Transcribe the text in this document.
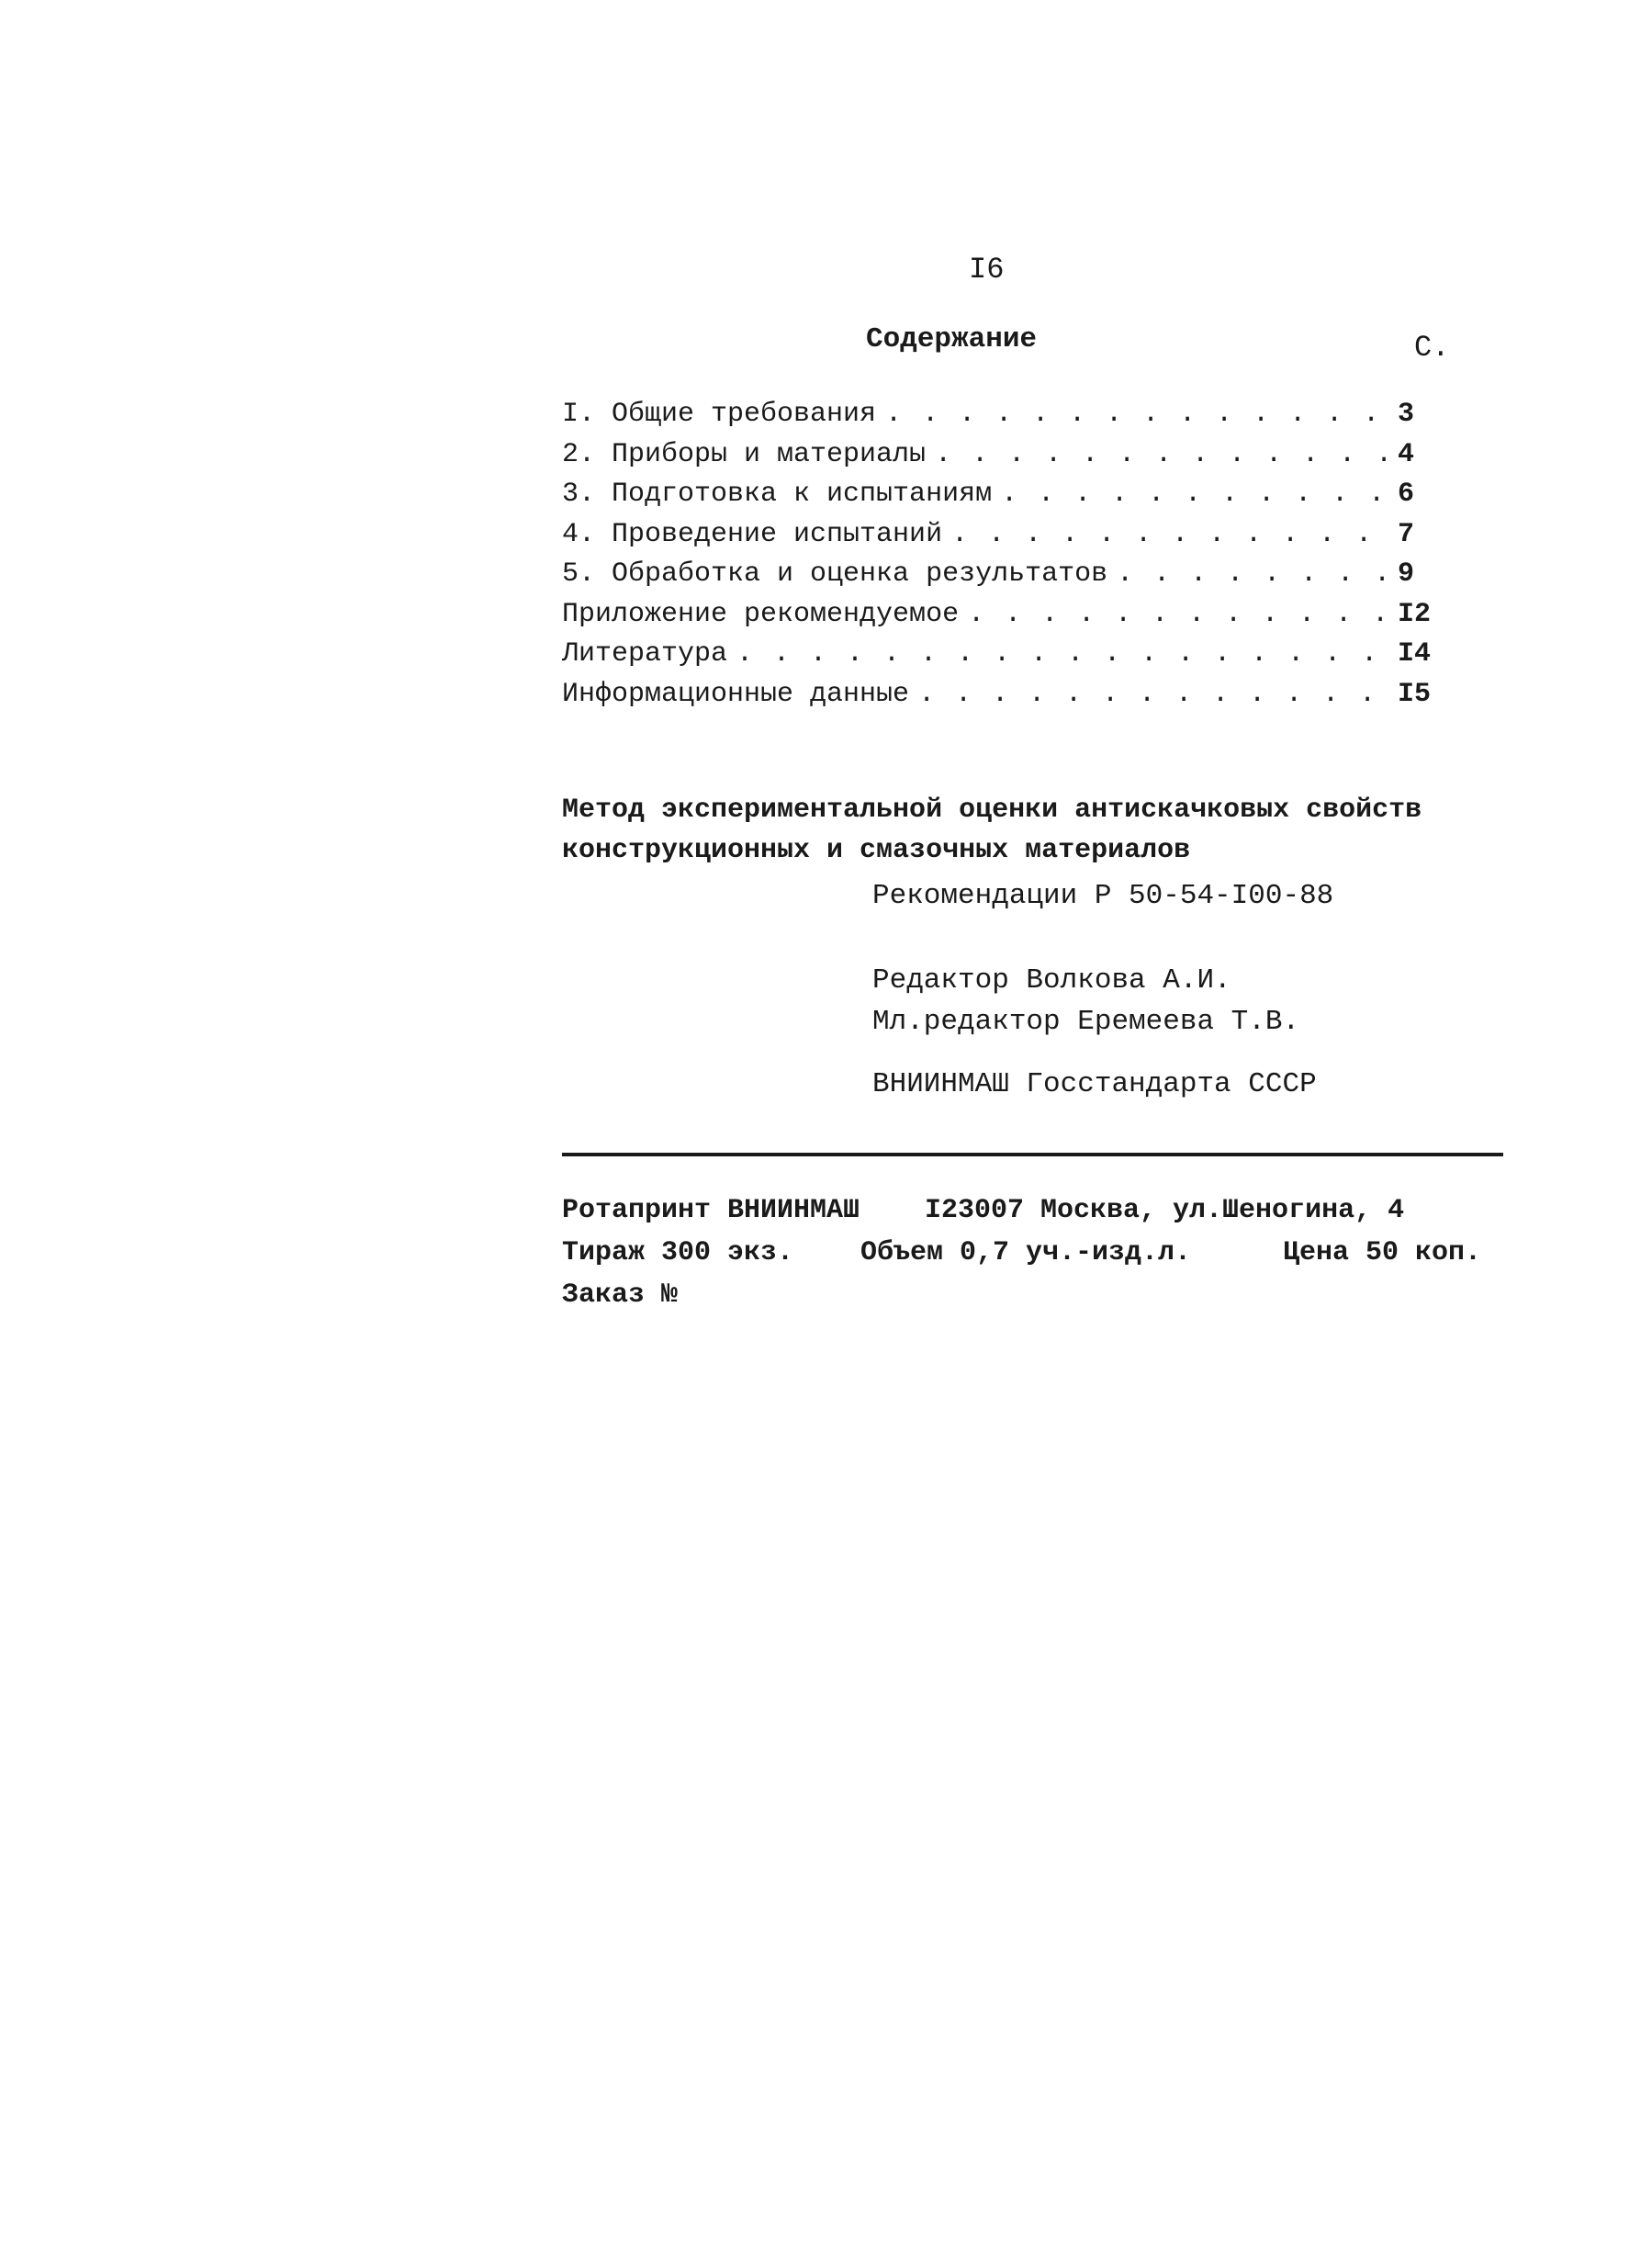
I6
Содержание	С.
I. Общие требования . . .	3
2. Приборы и материалы . . .	4
3. Подготовка к испытаниям . . .	6
4. Проведение испытаний . . .	7
5. Обработка и оценка результатов . . .	9
Приложение рекомендуемое . . .	I2
Литература . . .	I4
Информационные данные . . .	I5
Метод экспериментальной оценки антискачковых свойств
конструкционных и смазочных материалов
Рекомендации Р 50-54-I00-88
Редактор Волкова А.И.
Мл.редактор Еремеева Т.В.
ВНИИНМАШ Госстандарта СССР
Ротапринт ВНИИНМАШ	I23007 Москва, ул.Шеногина, 4
Тираж 300 экз.	Объем 0,7 уч.-изд.л.	Цена 50 коп.
Заказ №
